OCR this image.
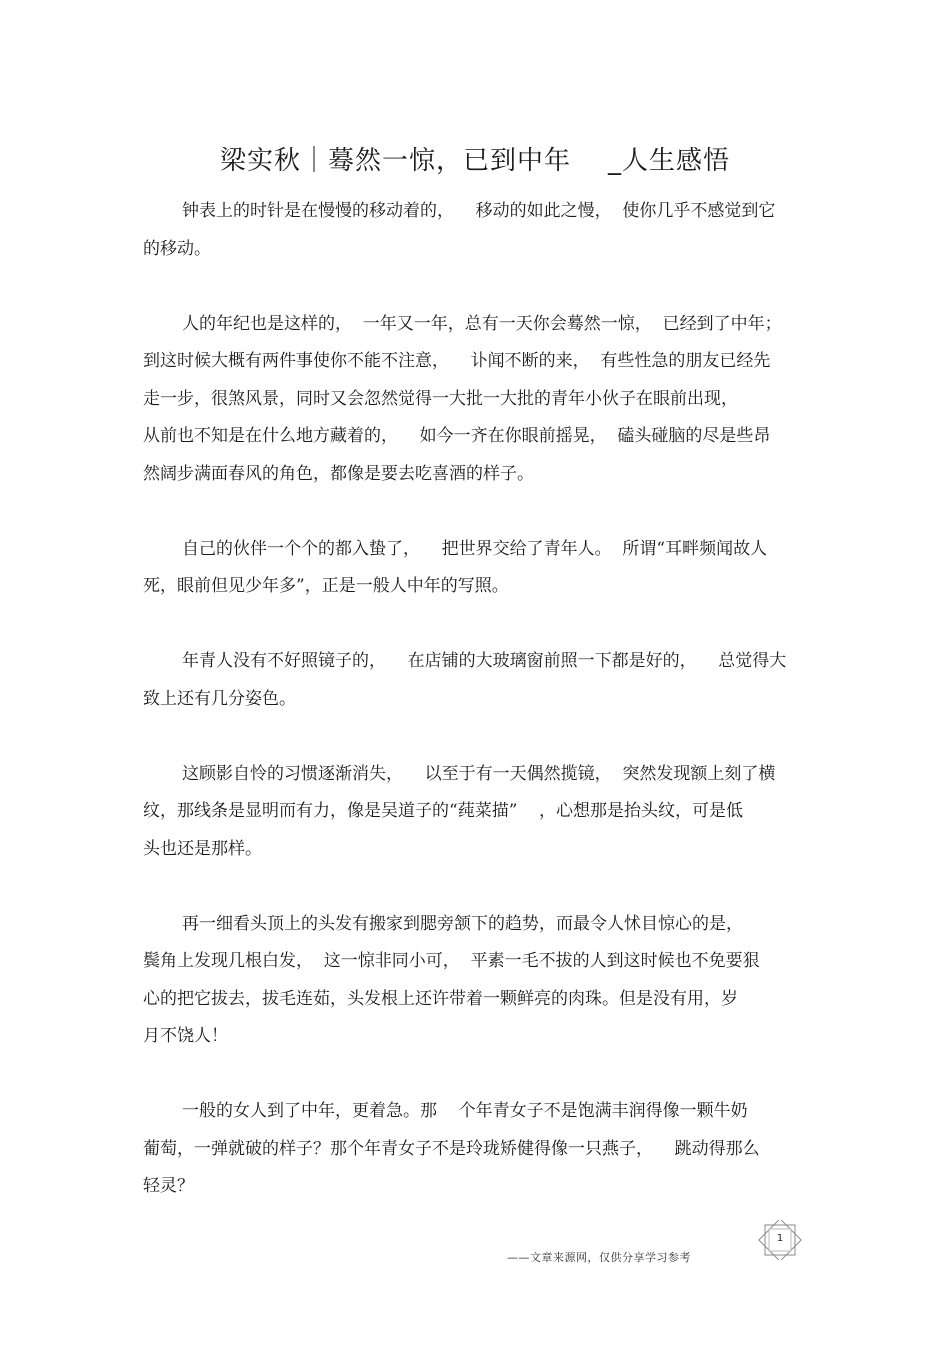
梁实秋｜蓦然一惊，已到中年    _人生感悟
钟表上的时针是在慢慢的移动着的，    移动的如此之慢，  使你几乎不感觉到它
的移动。
人的年纪也是这样的，  一年又一年，总有一天你会蓦然一惊，  已经到了中年；
到这时候大概有两件事使你不能不注意，    讣闻不断的来，  有些性急的朋友已经先
走一步，很煞风景，同时又会忽然觉得一大批一大批的青年小伙子在眼前出现，
从前也不知是在什么地方藏着的，    如今一齐在你眼前摇晃，  磕头碰脑的尽是些昂
然阔步满面春风的角色，都像是要去吃喜酒的样子。
自己的伙伴一个个的都入蛰了，    把世界交给了青年人。  所谓“耳畔频闻故人
死，眼前但见少年多”，正是一般人中年的写照。
年青人没有不好照镜子的，    在店铺的大玻璃窗前照一下都是好的，    总觉得大
致上还有几分姿色。
这顾影自怜的习惯逐渐消失，    以至于有一天偶然揽镜，  突然发现额上刻了横
纹，那线条是显明而有力，像是吴道子的“莼菜描”    ，心想那是抬头纹，可是低
头也还是那样。
再一细看头顶上的头发有搬家到腮旁颔下的趋势，而最令人怵目惊心的是，
鬓角上发现几根白发，  这一惊非同小可，  平素一毛不拔的人到这时候也不免要狠
心的把它拔去，拔毛连茹，头发根上还许带着一颗鲜亮的肉珠。但是没有用，岁
月不饶人！
一般的女人到了中年，更着急。那    个年青女子不是饱满丰润得像一颗牛奶
葡萄，一弹就破的样子？那个年青女子不是玲珑矫健得像一只燕子，    跳动得那么
轻灵？
——文章来源网，仅供分享学习参考
1
